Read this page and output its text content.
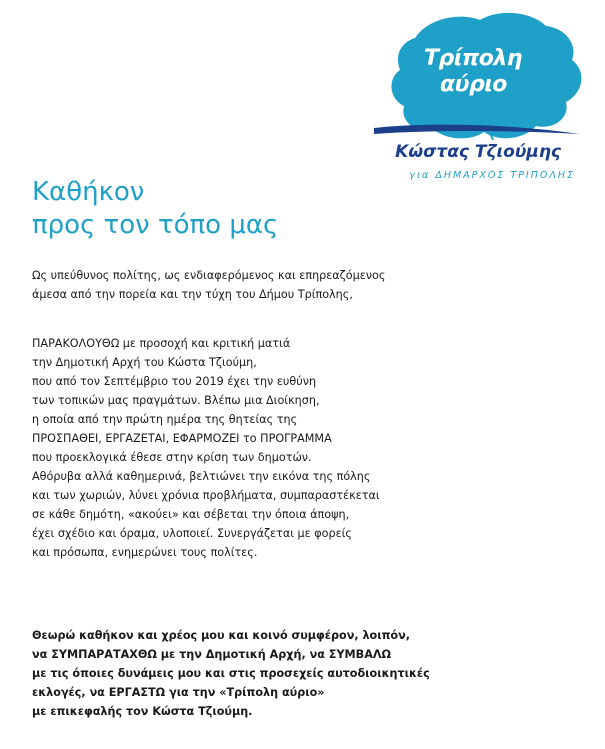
Τρίπολη
αύριο
Κώστας Τζιούμης
για ΔΗΜΑΡΧΟΣ ΤΡΙΠΟΛΗΣ
Καθήκον
προς τον τόπο μας
Ως υπεύθυνος πολίτης, ως ενδιαφερόμενος και επηρεαζόμενος
άμεσα από την πορεία και την τύχη του Δήμου Τρίπολης,
ΠΑΡΑΚΟΛΟΥΘΩ με προσοχή και κριτική ματιά
την Δημοτική Αρχή του Κώστα Τζιούμη,
που από τον Σεπτέμβριο του 2019 έχει την ευθύνη
των τοπικών μας πραγμάτων. Βλέπω μια Διοίκηση,
η οποία από την πρώτη ημέρα της θητείας της
ΠΡΟΣΠΑΘΕΙ, ΕΡΓΑΖΕΤΑΙ, ΕΦΑΡΜΟΖΕΙ το ΠΡΟΓΡΑΜΜΑ
που προεκλογικά έθεσε στην κρίση των δημοτών.
Αθόρυβα αλλά καθημερινά, βελτιώνει την εικόνα της πόλης
και των χωριών, λύνει χρόνια προβλήματα, συμπαραστέκεται
σε κάθε δημότη, «ακούει» και σέβεται την όποια άποψη,
έχει σχέδιο και όραμα, υλοποιεί. Συνεργάζεται με φορείς
και πρόσωπα, ενημερώνει τους πολίτες.
Θεωρώ καθήκον και χρέος μου και κοινό συμφέρον, λοιπόν,
να ΣΥΜΠΑΡΑΤΑΧΘΩ με την Δημοτική Αρχή, να ΣΥΜΒΑΛΩ
με τις όποιες δυνάμεις μου και στις προσεχείς αυτοδιοικητικές
εκλογές, να ΕΡΓΑΣΤΩ για την «Τρίπολη αύριο»
με επικεφαλής τον Κώστα Τζιούμη.
